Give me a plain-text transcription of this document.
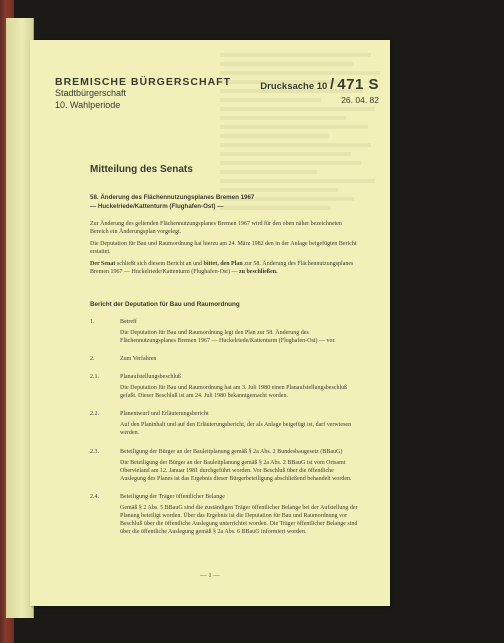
BREMISCHE BÜRGERSCHAFT
Stadtbürgerschaft
10. Wahlperiode
Drucksache 10 / 471 S
26. 04. 82
Mitteilung des Senats
58. Änderung des Flächennutzungsplanes Bremen 1967
— Huckelriede/Kattenturm (Flughafen-Ost) —
Zur Änderung des geltenden Flächennutzungsplanes Bremen 1967 wird für den oben näher bezeichneten Bereich ein Änderungsplan vorgelegt.
Die Deputation für Bau und Raumordnung hat hierzu am 24. März 1982 den in der Anlage beigefügten Bericht erstattet.
Der Senat schließt sich diesem Bericht an und bittet, den Plan zur 58. Änderung des Flächennutzungsplanes Bremen 1967 — Huckelriede/Kattenturm (Flughafen-Ost) — zu beschließen.
Bericht der Deputation für Bau und Raumordnung
1.	Betreff
Die Deputation für Bau und Raumordnung legt den Plan zur 58. Änderung des Flächennutzungsplanes Bremen 1967 — Huckelriede/Kattenturm (Flughafen-Ost) — vor.
2.	Zum Verfahren
2.1.	Planaufstellungsbeschluß
Die Deputation für Bau und Raumordnung hat am 3. Juli 1980 einen Planaufstellungsbeschluß gefaßt. Dieser Beschluß ist am 24. Juli 1980 bekanntgemacht worden.
2.2.	Planentwurf und Erläuterungsbericht
Auf den Planinhalt und auf den Erläuterungsbericht, der als Anlage beigefügt ist, darf verwiesen werden.
2.3.	Beteiligung der Bürger an der Bauleitplanung gemäß § 2a Abs. 2 Bundesbaugesetz (BBauG)
Die Beteiligung der Bürger an der Bauleitplanung gemäß § 2a Abs. 2 BBauG ist vom Ortsamt Obervieland am 12. Januar 1981 durchgeführt worden. Vor Beschluß über die öffentliche Auslegung des Planes ist das Ergebnis dieser Bürgerbeteiligung abschließend behandelt worden.
2.4.	Beteiligung der Träger öffentlicher Belange
Gemäß § 2 Abs. 5 BBauG sind die zuständigen Träger öffentlicher Belange bei der Aufstellung der Planung beteiligt worden. Über das Ergebnis ist die Deputation für Bau und Raumordnung vor Beschluß über die öffentliche Auslegung unterrichtet worden. Die Träger öffentlicher Belange sind über die öffentliche Auslegung gemäß § 2a Abs. 6 BBauG informiert worden.
— 1 —
